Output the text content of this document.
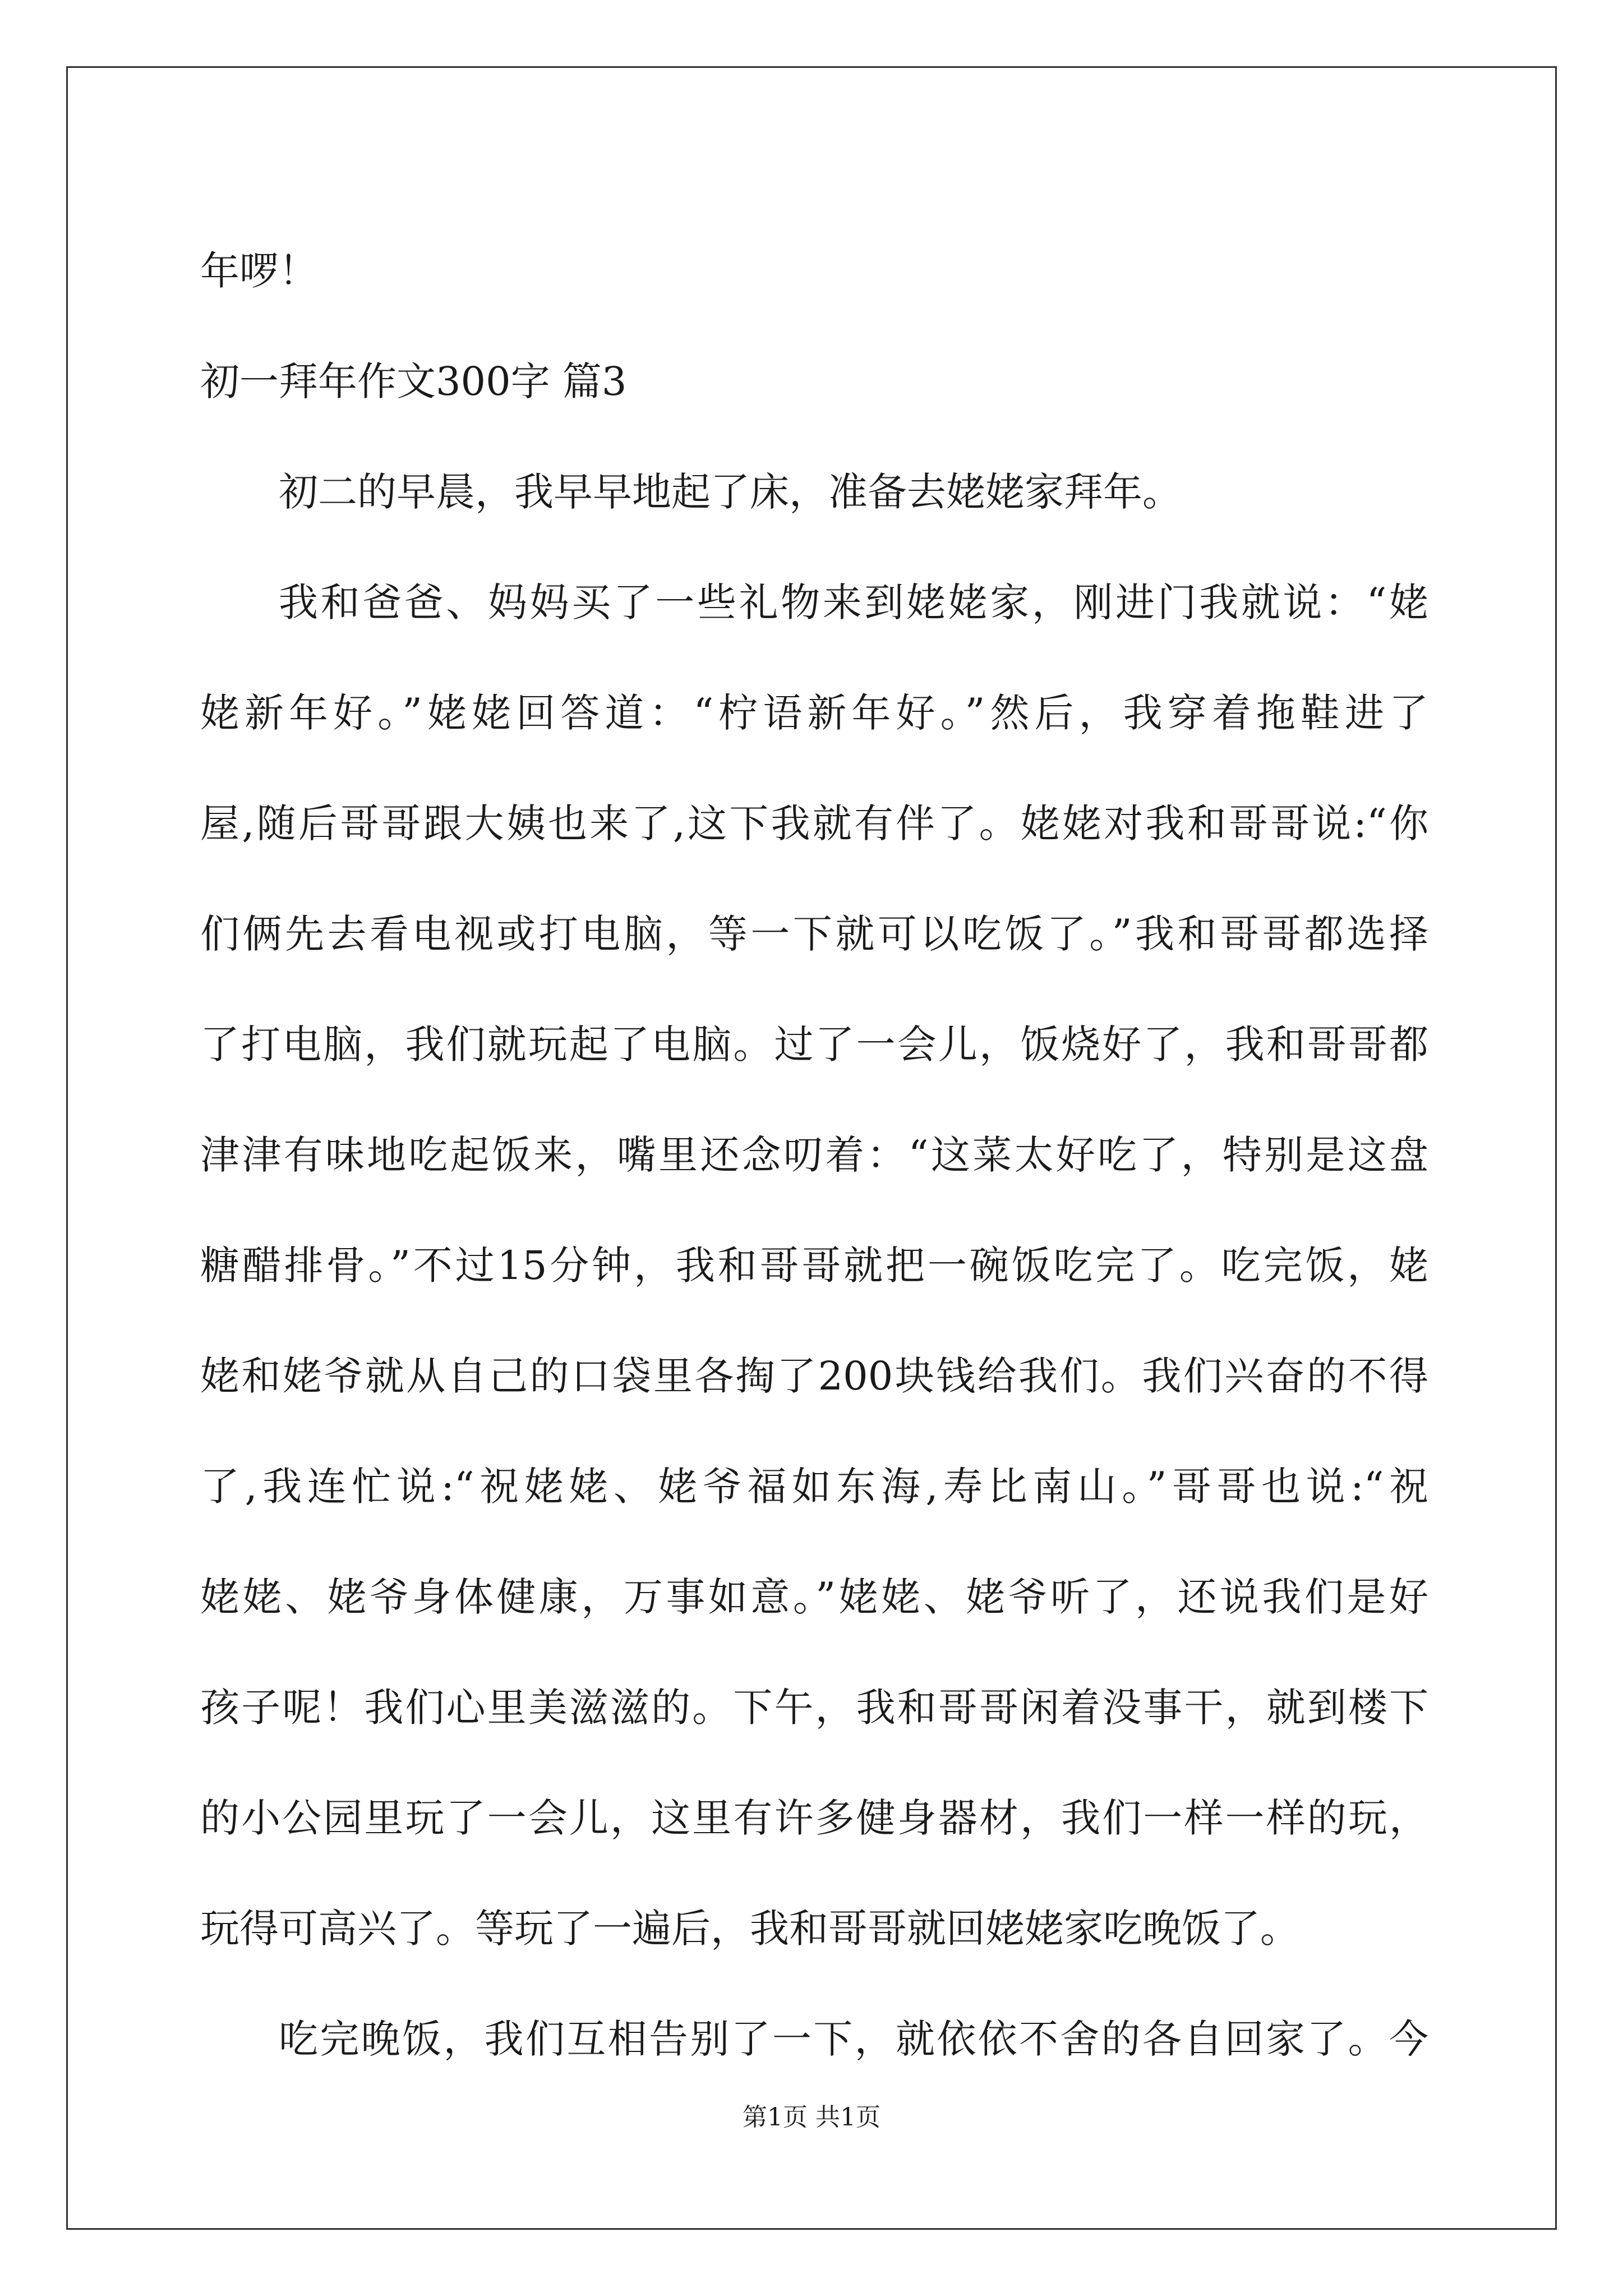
年啰！
初一拜年作文300字 篇3
初二的早晨，我早早地起了床，准备去姥姥家拜年。
我和爸爸、妈妈买了一些礼物来到姥姥家，刚进门我就说：“姥
姥新年好。”姥姥回答道：“柠语新年好。”然后，我穿着拖鞋进了
屋,随后哥哥跟大姨也来了,这下我就有伴了。姥姥对我和哥哥说:“你
们俩先去看电视或打电脑，等一下就可以吃饭了。”我和哥哥都选择
了打电脑，我们就玩起了电脑。过了一会儿，饭烧好了，我和哥哥都
津津有味地吃起饭来，嘴里还念叨着：“这菜太好吃了，特别是这盘
糖醋排骨。”不过15分钟，我和哥哥就把一碗饭吃完了。吃完饭，姥
姥和姥爷就从自己的口袋里各掏了200块钱给我们。我们兴奋的不得
了,我连忙说:“祝姥姥、姥爷福如东海,寿比南山。”哥哥也说:“祝
姥姥、姥爷身体健康，万事如意。”姥姥、姥爷听了，还说我们是好
孩子呢！我们心里美滋滋的。下午，我和哥哥闲着没事干，就到楼下
的小公园里玩了一会儿，这里有许多健身器材，我们一样一样的玩，
玩得可高兴了。等玩了一遍后，我和哥哥就回姥姥家吃晚饭了。
吃完晚饭，我们互相告别了一下，就依依不舍的各自回家了。今
第1页 共1页
